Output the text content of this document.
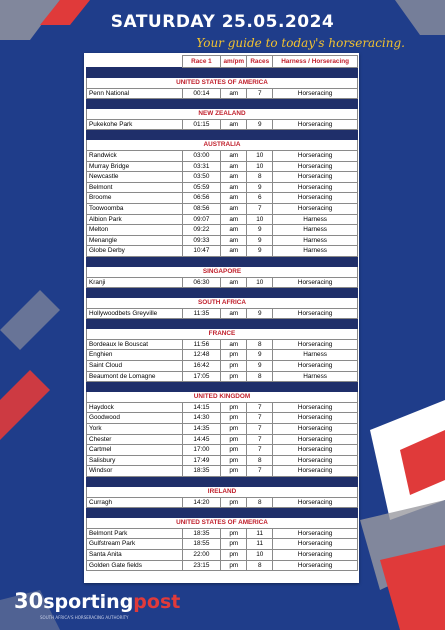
SATURDAY 25.05.2024
Your guide to today's horseracing.
	Race 1	am/pm	Races	Harness / Horseracing

UNITED STATES OF AMERICA				
Penn National	00:14	am	7	Horseracing

NEW ZEALAND				
Pukekohe Park	01:15	am	9	Horseracing

AUSTRALIA				
Randwick	03:00	am	10	Horseracing
Murray Bridge	03:31	am	10	Horseracing
Newcastle	03:50	am	8	Horseracing
Belmont	05:59	am	9	Horseracing
Broome	06:56	am	6	Horseracing
Toowoomba	08:56	am	7	Horseracing
Albion Park	09:07	am	10	Harness
Melton	09:22	am	9	Harness
Menangle	09:33	am	9	Harness
Globe Derby	10:47	am	9	Harness

SINGAPORE				
Kranji	06:30	am	10	Horseracing

SOUTH AFRICA				
Hollywoodbets Greyville	11:35	am	9	Horseracing

FRANCE				
Bordeaux le Bouscat	11:56	am	8	Horseracing
Enghien	12:48	pm	9	Harness
Saint Cloud	16:42	pm	9	Horseracing
Beaumont de Lomagne	17:05	pm	8	Harness

UNITED KINGDOM				
Haydock	14:15	pm	7	Horseracing
Goodwood	14:30	pm	7	Horseracing
York	14:35	pm	7	Horseracing
Chester	14:45	pm	7	Horseracing
Cartmel	17:00	pm	7	Horseracing
Salisbury	17:49	pm	8	Horseracing
Windsor	18:35	pm	7	Horseracing

IRELAND				
Curragh	14:20	pm	8	Horseracing

UNITED STATES OF AMERICA				
Belmont Park	18:35	pm	11	Horseracing
Gulfstream Park	18:55	pm	11	Horseracing
Santa Anita	22:00	pm	10	Horseracing
Golden Gate fields	23:15	pm	8	Horseracing
30sportingpost
SOUTH AFRICA'S HORSERACING AUTHORITY
